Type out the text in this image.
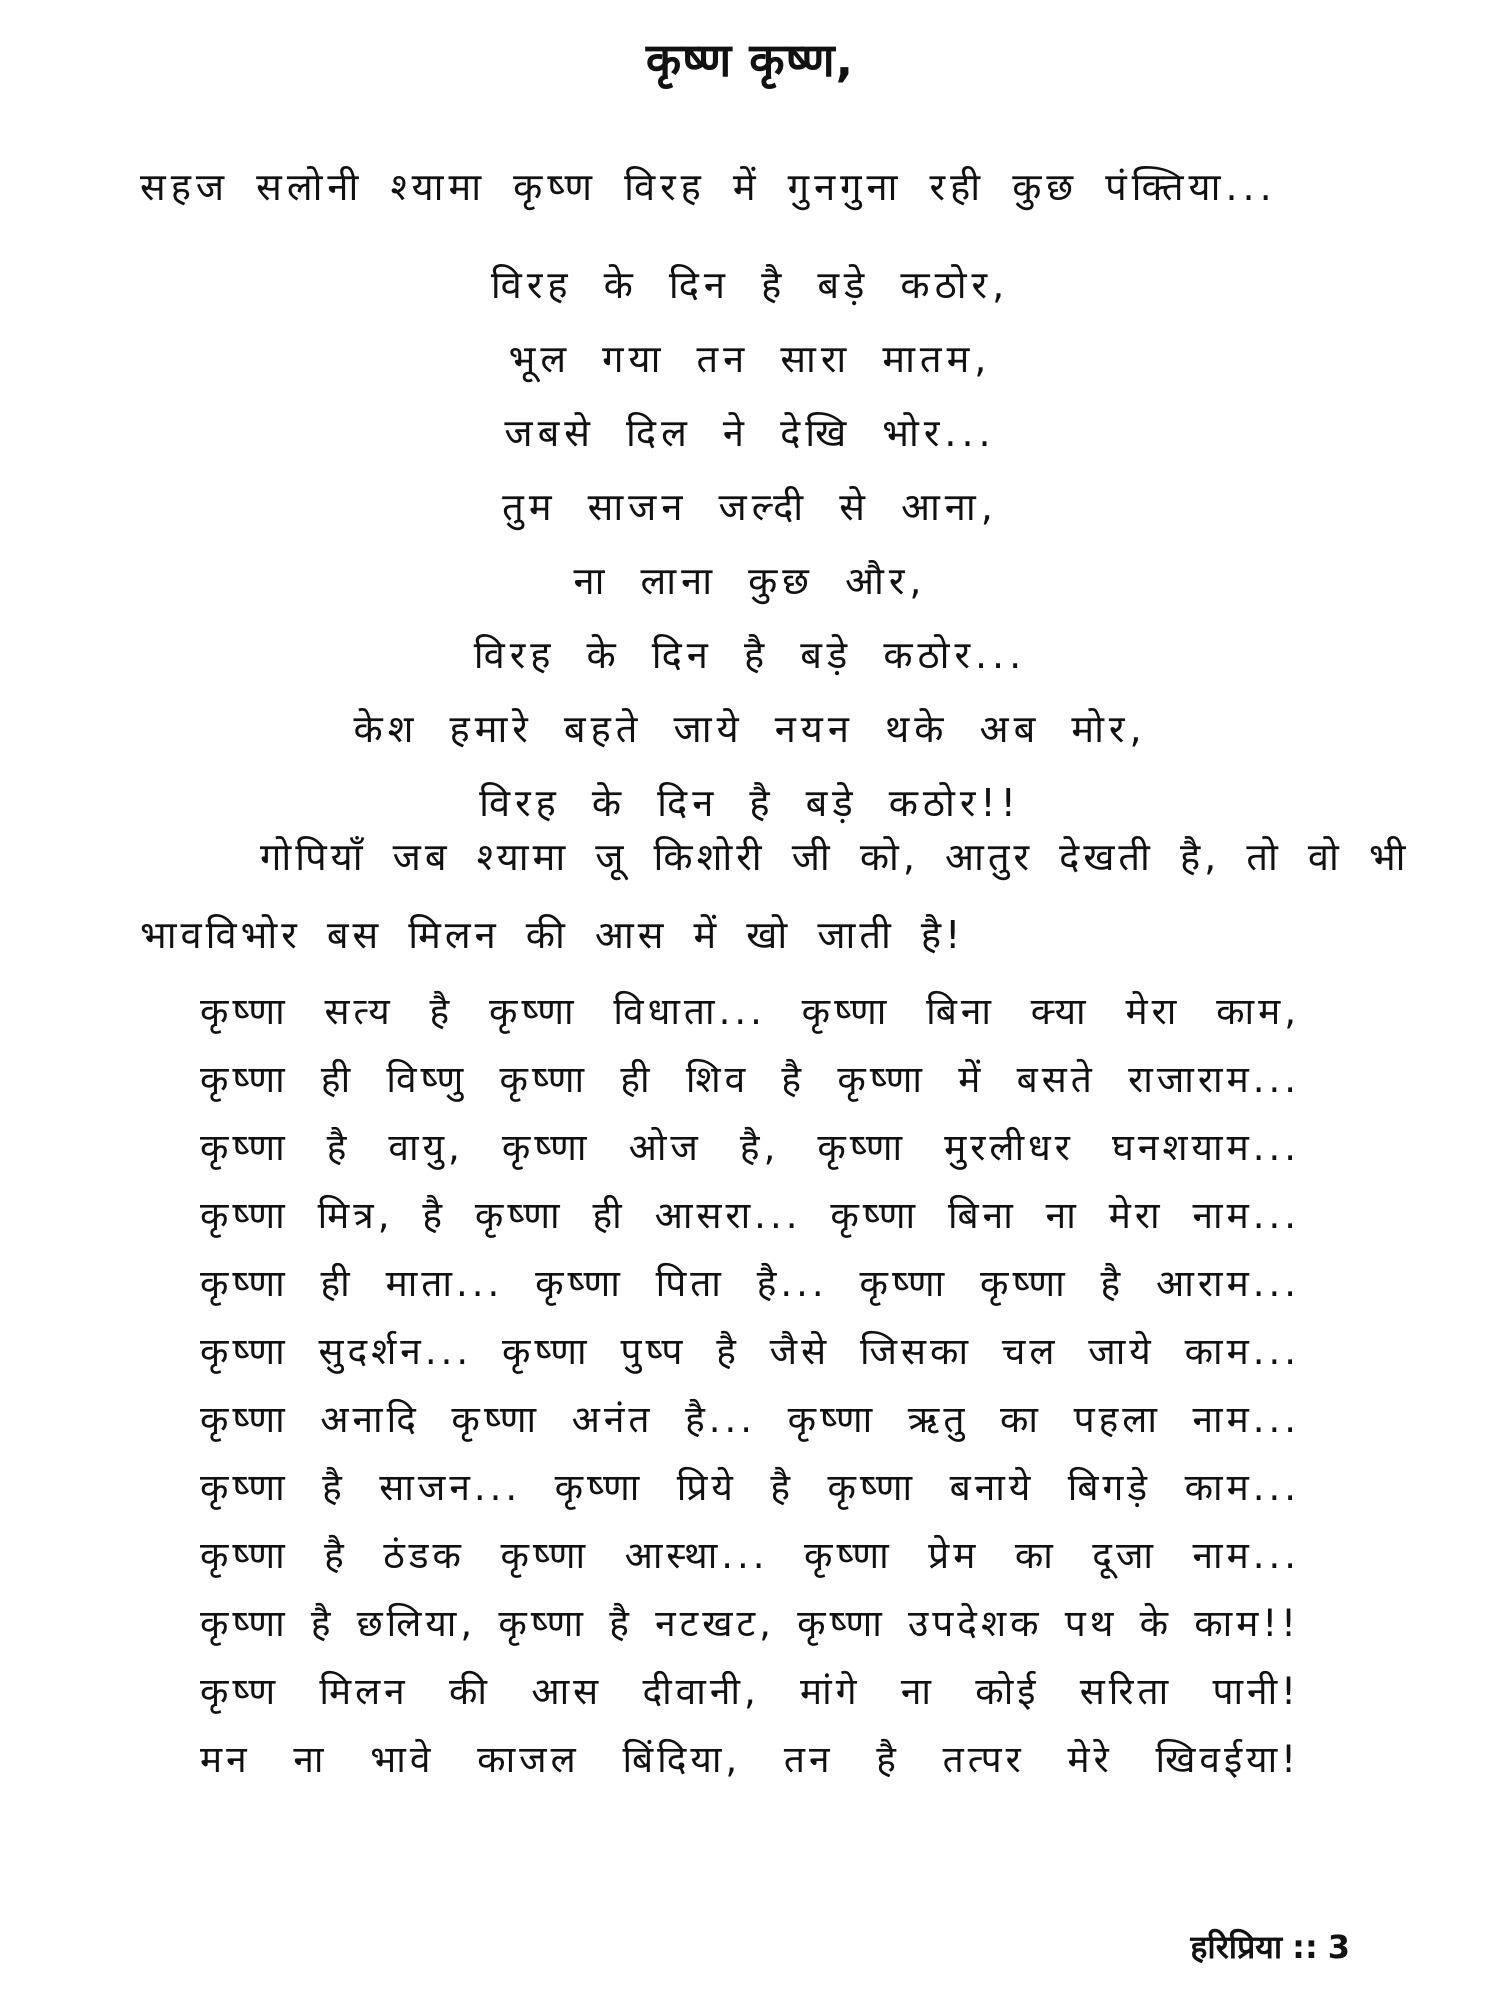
कृष्ण कृष्ण,
सहज सलोनी श्यामा कृष्ण विरह में गुनगुना रही कुछ पंक्तिया...
विरह के दिन है बड़े कठोर,
भूल गया तन सारा मातम,
जबसे दिल ने देखि भोर...
तुम साजन जल्दी से आना,
ना लाना कुछ और,
विरह के दिन है बड़े कठोर...
केश हमारे बहते जाये नयन थके अब मोर,
विरह के दिन है बड़े कठोर!!
गोपियाँ जब श्यामा जू किशोरी जी को, आतुर देखती है, तो वो भी
भावविभोर बस मिलन की आस में खो जाती है!
कृष्णा सत्य है कृष्णा विधाता... कृष्णा बिना क्या मेरा काम,
कृष्णा ही विष्णु कृष्णा ही शिव है कृष्णा में बसते राजाराम...
कृष्णा है वायु, कृष्णा ओज है, कृष्णा मुरलीधर घनशयाम...
कृष्णा मित्र, है कृष्णा ही आसरा... कृष्णा बिना ना मेरा नाम...
कृष्णा ही माता... कृष्णा पिता है... कृष्णा कृष्णा है आराम...
कृष्णा सुदर्शन... कृष्णा पुष्प है जैसे जिसका चल जाये काम...
कृष्णा अनादि कृष्णा अनंत है... कृष्णा ऋतु का पहला नाम...
कृष्णा है साजन... कृष्णा प्रिये है कृष्णा बनाये बिगड़े काम...
कृष्णा है ठंडक कृष्णा आस्था... कृष्णा प्रेम का दूजा नाम...
कृष्णा है छलिया, कृष्णा है नटखट, कृष्णा उपदेशक पथ के काम!!
कृष्ण मिलन की आस दीवानी, मांगे ना कोई सरिता पानी!
मन ना भावे काजल बिंदिया, तन है तत्पर मेरे खिवईया!
हरिप्रिया :: 3
